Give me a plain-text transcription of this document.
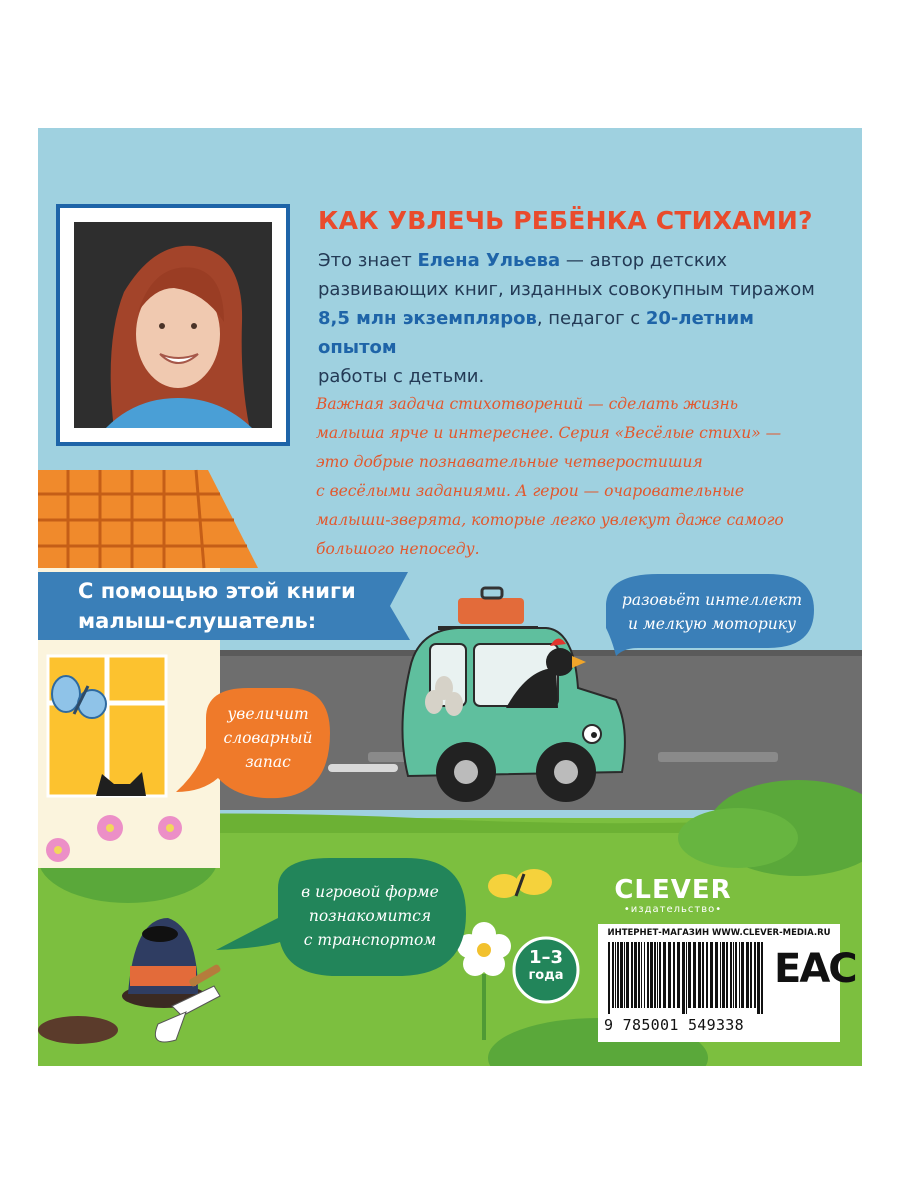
КАК УВЛЕЧЬ РЕБЁНКА СТИХАМИ?
Это знает Елена Ульева — автор детских
развивающих книг, изданных совокупным тиражом
8,5 млн экземпляров, педагог с 20-летним опытом
работы с детьми.
Важная задача стихотворений — сделать жизнь
малыша ярче и интереснее. Серия «Весёлые стихи» —
это добрые познавательные четверостишия
с весёлыми заданиями. А герои — очаровательные
малыши-зверята, которые легко увлекут даже самого
большого непоседу.
С помощью этой книги
малыш-слушатель:
разовьёт интеллект
и мелкую моторику
увеличит
словарный
запас
в игровой форме
познакомится
с транспортом
1–3
года
CLEVER
•издательство•
ИНТЕРНЕТ-МАГАЗИН WWW.CLEVER-MEDIA.RU
9 785001 549338
EAC
